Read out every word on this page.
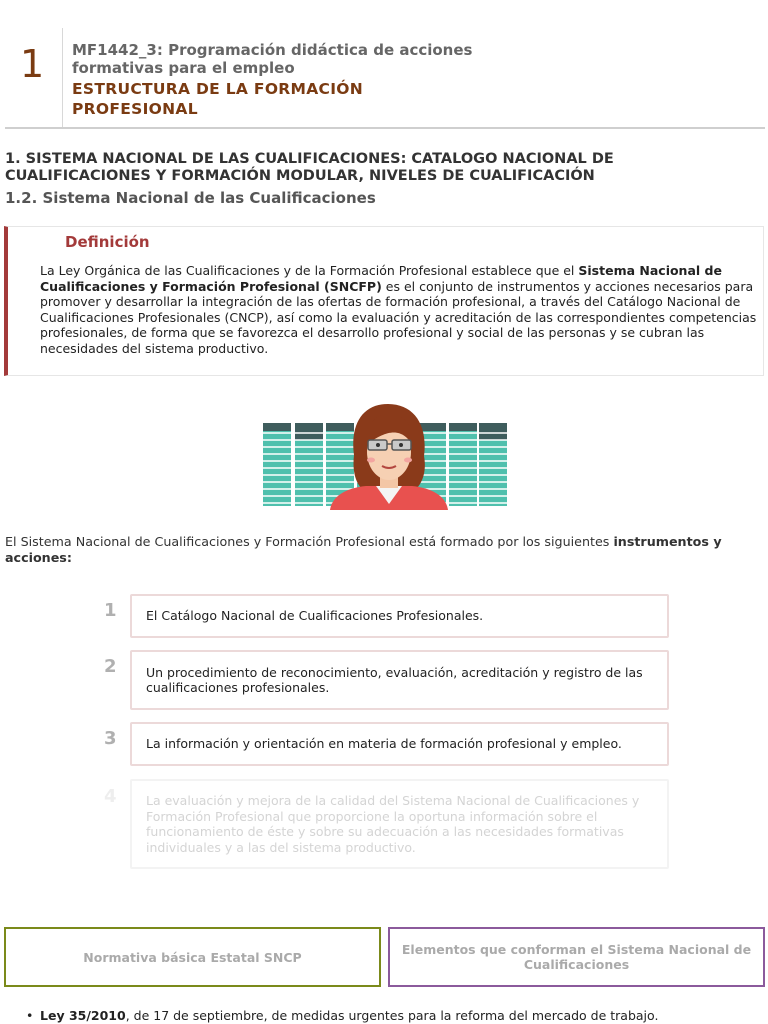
1 MF1442_3: Programación didáctica de acciones formativas para el empleo
ESTRUCTURA DE LA FORMACIÓN PROFESIONAL
1. SISTEMA NACIONAL DE LAS CUALIFICACIONES: CATALOGO NACIONAL DE CUALIFICACIONES Y FORMACIÓN MODULAR, NIVELES DE CUALIFICACIÓN
1.2. Sistema Nacional de las Cualificaciones
Definición
La Ley Orgánica de las Cualificaciones y de la Formación Profesional establece que el Sistema Nacional de Cualificaciones y Formación Profesional (SNCFP) es el conjunto de instrumentos y acciones necesarios para promover y desarrollar la integración de las ofertas de formación profesional, a través del Catálogo Nacional de Cualificaciones Profesionales (CNCP), así como la evaluación y acreditación de las correspondientes competencias profesionales, de forma que se favorezca el desarrollo profesional y social de las personas y se cubran las necesidades del sistema productivo.
El Sistema Nacional de Cualificaciones y Formación Profesional está formado por los siguientes instrumentos y acciones:
1	El Catálogo Nacional de Cualificaciones Profesionales.
2	Un procedimiento de reconocimiento, evaluación, acreditación y registro de las cualificaciones profesionales.
3	La información y orientación en materia de formación profesional y empleo.
4	La evaluación y mejora de la calidad del Sistema Nacional de Cualificaciones y Formación Profesional que proporcione la oportuna información sobre el funcionamiento de éste y sobre su adecuación a las necesidades formativas individuales y a las del sistema productivo.
Normativa básica Estatal SNCP	Elementos que conforman el Sistema Nacional de Cualificaciones
• Ley 35/2010, de 17 de septiembre, de medidas urgentes para la reforma del mercado de trabajo.
